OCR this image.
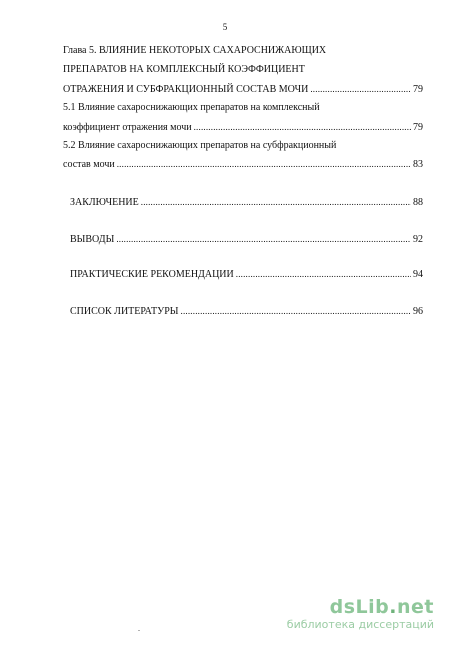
5
Глава 5. ВЛИЯНИЕ НЕКОТОРЫХ САХАРОСНИЖАЮЩИХ
ПРЕПАРАТОВ НА КОМПЛЕКСНЫЙ КОЭФФИЦИЕНТ
ОТРАЖЕНИЯ И СУБФРАКЦИОННЫЙ СОСТАВ МОЧИ .....	79
5.1 Влияние сахароснижающих препаратов на комплексный
коэффициент отражения мочи .....	79
5.2 Влияние сахароснижающих препаратов на субфракционный
состав мочи .....	83
ЗАКЛЮЧЕНИЕ .....	88
ВЫВОДЫ .....	92
ПРАКТИЧЕСКИЕ РЕКОМЕНДАЦИИ .....	94
СПИСОК ЛИТЕРАТУРЫ .....	96
.
dsLib.net
библиотека диссертаций
